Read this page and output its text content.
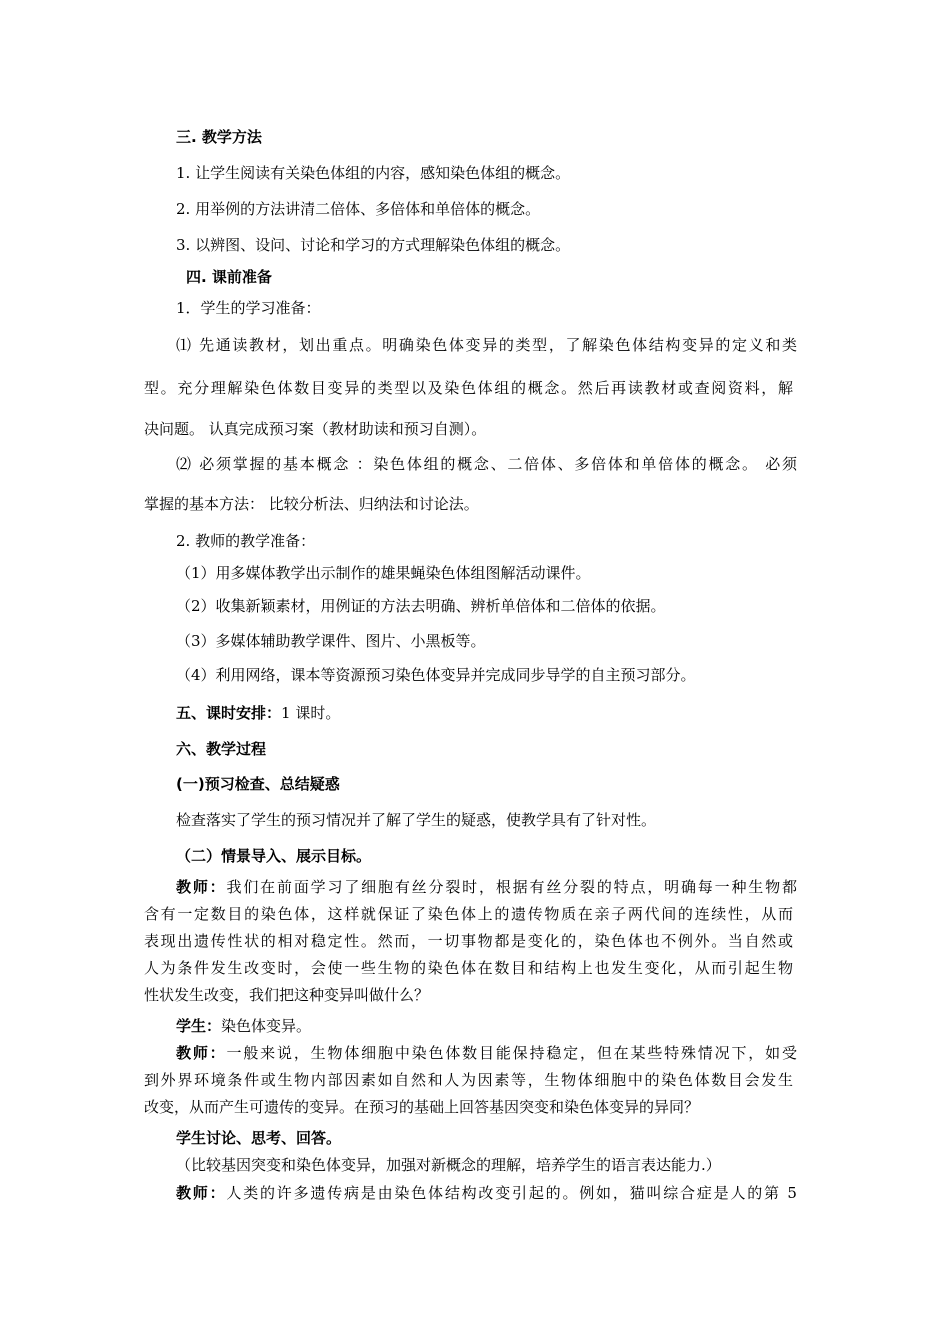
三. 教学方法
1. 让学生阅读有关染色体组的内容，感知染色体组的概念。
2. 用举例的方法讲清二倍体、多倍体和单倍体的概念。
3. 以辨图、设问、讨论和学习的方式理解染色体组的概念。
四. 课前准备
1．学生的学习准备：
⑴ 先通读教材，划出重点。明确染色体变异的类型，了解染色体结构变异的定义和类
型。充分理解染色体数目变异的类型以及染色体组的概念。然后再读教材或查阅资料，解
决问题。 认真完成预习案（教材助读和预习自测）。
⑵ 必须掌握的基本概念 ：染色体组的概念、二倍体、多倍体和单倍体的概念。 必须
掌握的基本方法： 比较分析法、归纳法和讨论法。
2. 教师的教学准备：
（1）用多媒体教学出示制作的雄果蝇染色体组图解活动课件。
（2）收集新颖素材，用例证的方法去明确、辨析单倍体和二倍体的依据。
（3）多媒体辅助教学课件、图片、小黑板等。
（4）利用网络，课本等资源预习染色体变异并完成同步导学的自主预习部分。
五、课时安排：1 课时。
六、教学过程
(一)预习检查、总结疑惑
检查落实了学生的预习情况并了解了学生的疑惑，使教学具有了针对性。
（二）情景导入、展示目标。
教师：我们在前面学习了细胞有丝分裂时，根据有丝分裂的特点，明确每一种生物都
含有一定数目的染色体，这样就保证了染色体上的遗传物质在亲子两代间的连续性，从而
表现出遗传性状的相对稳定性。然而，一切事物都是变化的，染色体也不例外。当自然或
人为条件发生改变时，会使一些生物的染色体在数目和结构上也发生变化，从而引起生物
性状发生改变，我们把这种变异叫做什么？
学生：染色体变异。
教师：一般来说，生物体细胞中染色体数目能保持稳定，但在某些特殊情况下，如受
到外界环境条件或生物内部因素如自然和人为因素等，生物体细胞中的染色体数目会发生
改变，从而产生可遗传的变异。在预习的基础上回答基因突变和染色体变异的异同？
学生讨论、思考、回答。
（比较基因突变和染色体变异，加强对新概念的理解，培养学生的语言表达能力.）
教师：人类的许多遗传病是由染色体结构改变引起的。例如，猫叫综合症是人的第 5
